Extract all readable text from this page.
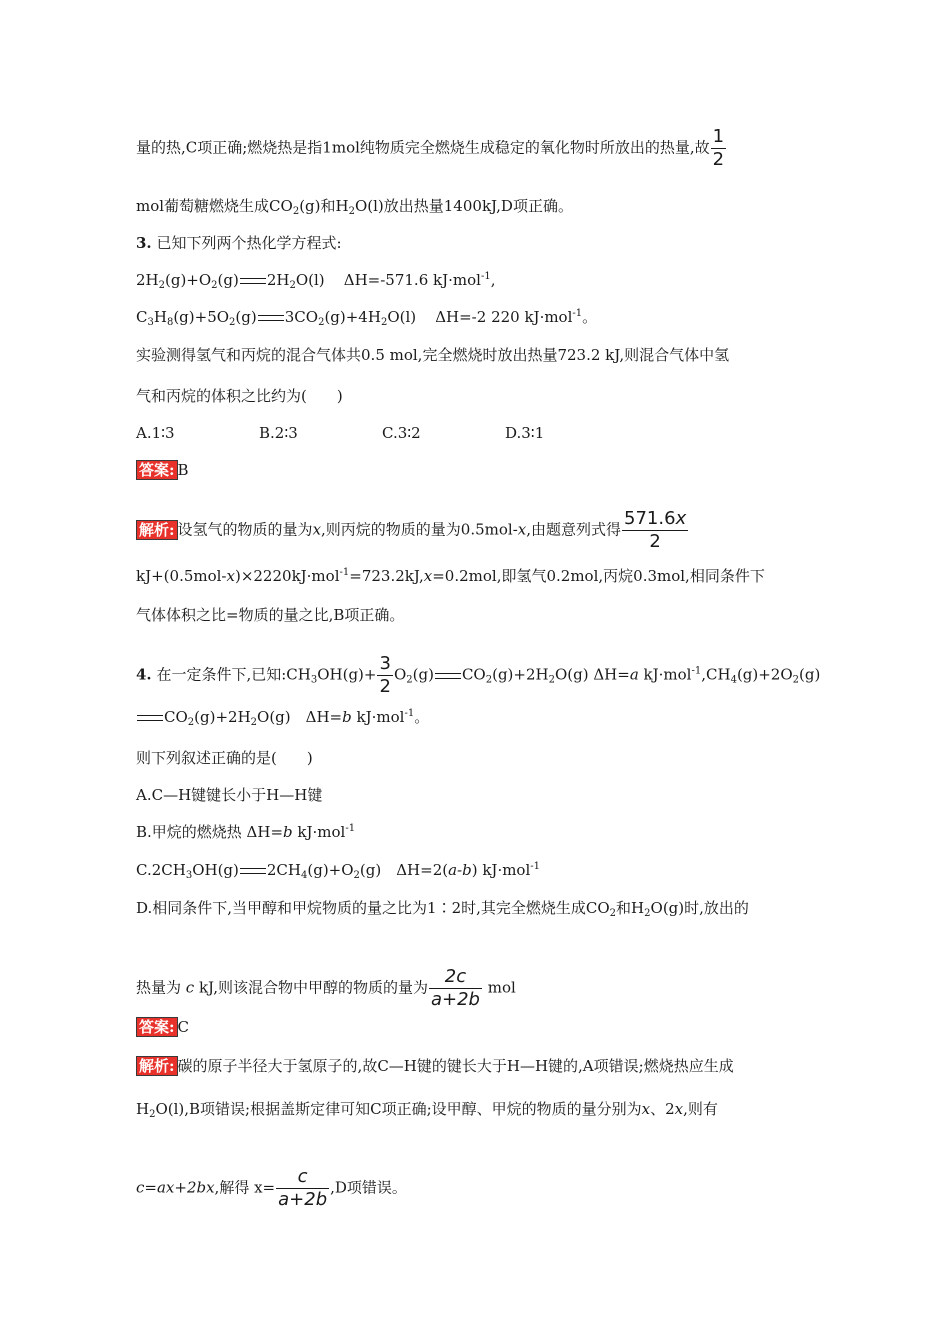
量的热,C项正确;燃烧热是指1mol纯物质完全燃烧生成稳定的氧化物时所放出的热量,故 $\frac{1}{2}$
mol葡萄糖燃烧生成$CO_2(g)$和$H_2O(l)$放出热量1400kJ,D项正确。
3. 已知下列两个热化学方程式:
$2H_2(g)+O_2(g)$ $2H_2O(l)$ ΔH=-571.6 kJ·mol$^{-1}$,
$C_3H_8(g)+5O_2(g)$ $3CO_2(g)+4H_2O(l)$ ΔH=-2 220 kJ·mol$^{-1}$。
实验测得氢气和丙烷的混合气体共0.5 mol,完全燃烧时放出热量723.2 kJ,则混合气体中氢
气和丙烷的体积之比约为(　　)
A.1∶3	B.2∶3	C.3∶2	D.3∶1
答案: B
解析: 设氢气的物质的量为x,则丙烷的物质的量为0.5mol-x,由题意列式得 $\frac{571.6x}{2}$
kJ+(0.5mol-x)×2220kJ·mol$^{-1}$=723.2kJ,x=0.2mol,即氢气0.2mol,丙烷0.3mol,相同条件下
气体体积之比=物质的量之比,B项正确。
4. 在一定条件下,已知$:CH_3OH(g)+ \frac{3}{2} O_2(g)$ $CO_2(g)+2H_2O(g)$ ΔH=a $kJ\cdot mol^{-1},CH_4(g)+2O_2(g)$
$CO_2(g)+2H_2O(g)$　ΔH=b kJ·mol$^{-1}$。
则下列叙述正确的是(　　)
A.C—H键键长小于H—H键
B.甲烷的燃烧热 ΔH=b kJ·mol$^{-1}$
$C.2CH_3OH(g)$ $2CH_4(g)+O_2(g)$　ΔH=2(a-b) kJ·mol$^{-1}$
D.相同条件下,当甲醇和甲烷物质的量之比为1∶2时,其完全燃烧生成$CO_2$和$H_2O(g)$时,放出的
热量为 c kJ,则该混合物中甲醇的物质的量为 $\frac{2c}{a+2b}$ mol
答案: C
解析: 碳的原子半径大于氢原子的,故C—H键的键长大于H—H键的,A项错误;燃烧热应生成
$H_2O(l),B$项错误;根据盖斯定律可知C项正确;设甲醇、甲烷的物质的量分别为x、2x,则有
c=ax+2bx,解得 $x= \frac{c}{a+2b} ,D$项错误。
